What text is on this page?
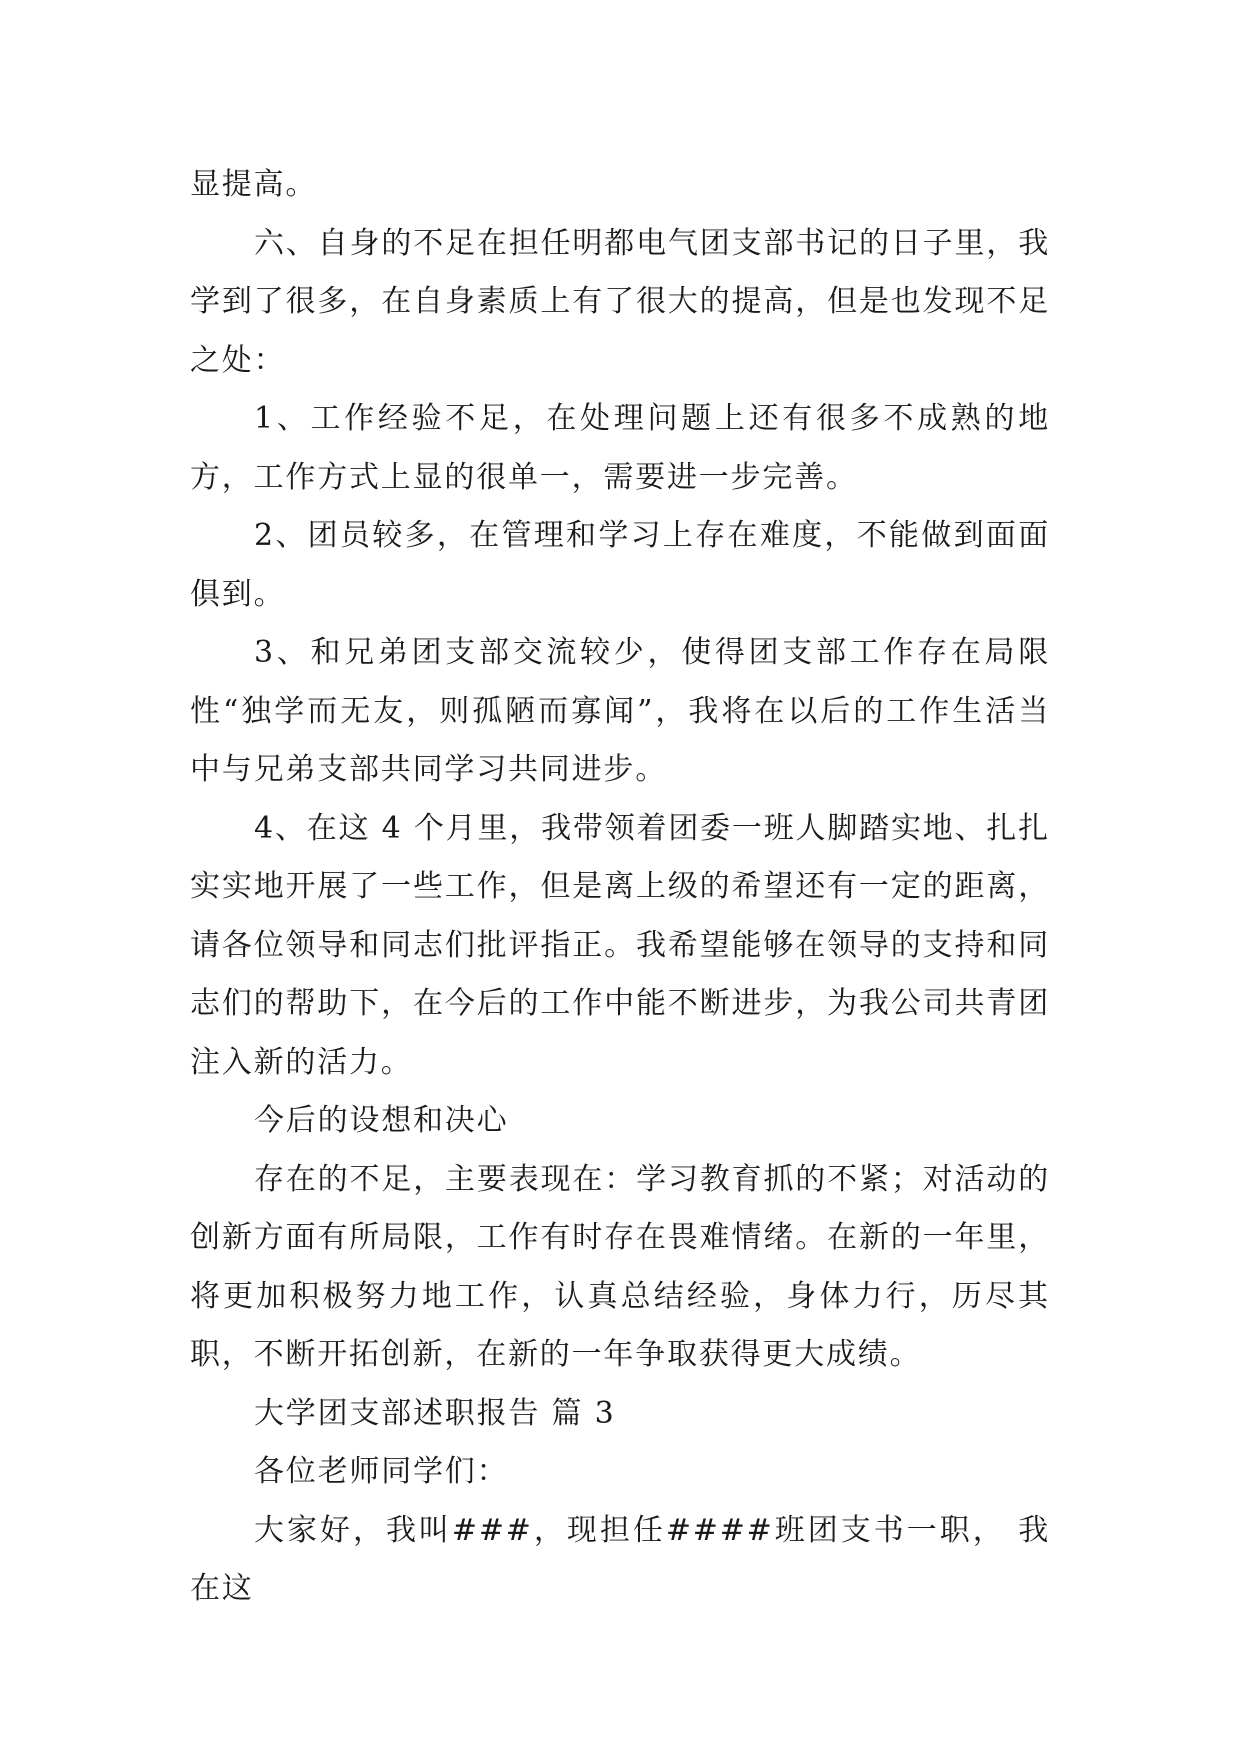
显提高。

六、自身的不足在担任明都电气团支部书记的日子里，我学到了很多，在自身素质上有了很大的提高，但是也发现不足之处：

1、工作经验不足，在处理问题上还有很多不成熟的地方，工作方式上显的很单一，需要进一步完善。

2、团员较多，在管理和学习上存在难度，不能做到面面俱到。

3、和兄弟团支部交流较少，使得团支部工作存在局限性“独学而无友，则孤陋而寡闻”，我将在以后的工作生活当中与兄弟支部共同学习共同进步。

4、在这 4 个月里，我带领着团委一班人脚踏实地、扎扎实实地开展了一些工作，但是离上级的希望还有一定的距离，请各位领导和同志们批评指正。我希望能够在领导的支持和同志们的帮助下，在今后的工作中能不断进步，为我公司共青团注入新的活力。

今后的设想和决心

存在的不足，主要表现在：学习教育抓的不紧；对活动的创新方面有所局限，工作有时存在畏难情绪。在新的一年里，将更加积极努力地工作，认真总结经验，身体力行，历尽其职，不断开拓创新，在新的一年争取获得更大成绩。

大学团支部述职报告 篇 3

各位老师同学们：

大家好，我叫###，现担任####班团支书一职， 我在这
